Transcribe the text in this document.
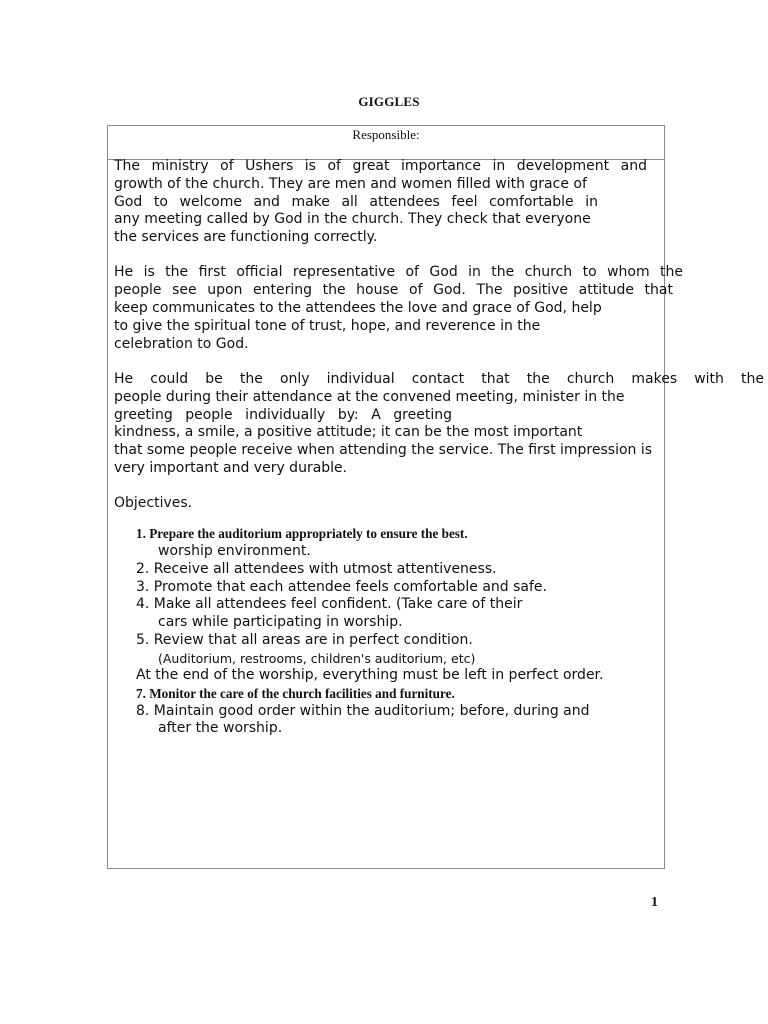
GIGGLES
Responsible:

The ministry of Ushers is of great importance in development and
growth of the church. They are men and women filled with grace of
God to welcome and make all attendees feel comfortable in
any meeting called by God in the church. They check that everyone
the services are functioning correctly.

He is the first official representative of God in the church to whom the
people see upon entering the house of God. The positive attitude that
keep communicates to the attendees the love and grace of God, help
to give the spiritual tone of trust, hope, and reverence in the
celebration to God.

He could be the only individual contact that the church makes with the
people during their attendance at the convened meeting, minister in the
greeting people individually by: A greeting
kindness, a smile, a positive attitude; it can be the most important
that some people receive when attending the service. The first impression is
very important and very durable.

Objectives.

1. Prepare the auditorium appropriately to ensure the best.
worship environment.
2. Receive all attendees with utmost attentiveness.
3. Promote that each attendee feels comfortable and safe.
4. Make all attendees feel confident. (Take care of their
cars while participating in worship.
5. Review that all areas are in perfect condition.
(Auditorium, restrooms, children's auditorium, etc)
At the end of the worship, everything must be left in perfect order.
7. Monitor the care of the church facilities and furniture.
8. Maintain good order within the auditorium; before, during and
after the worship.
1
